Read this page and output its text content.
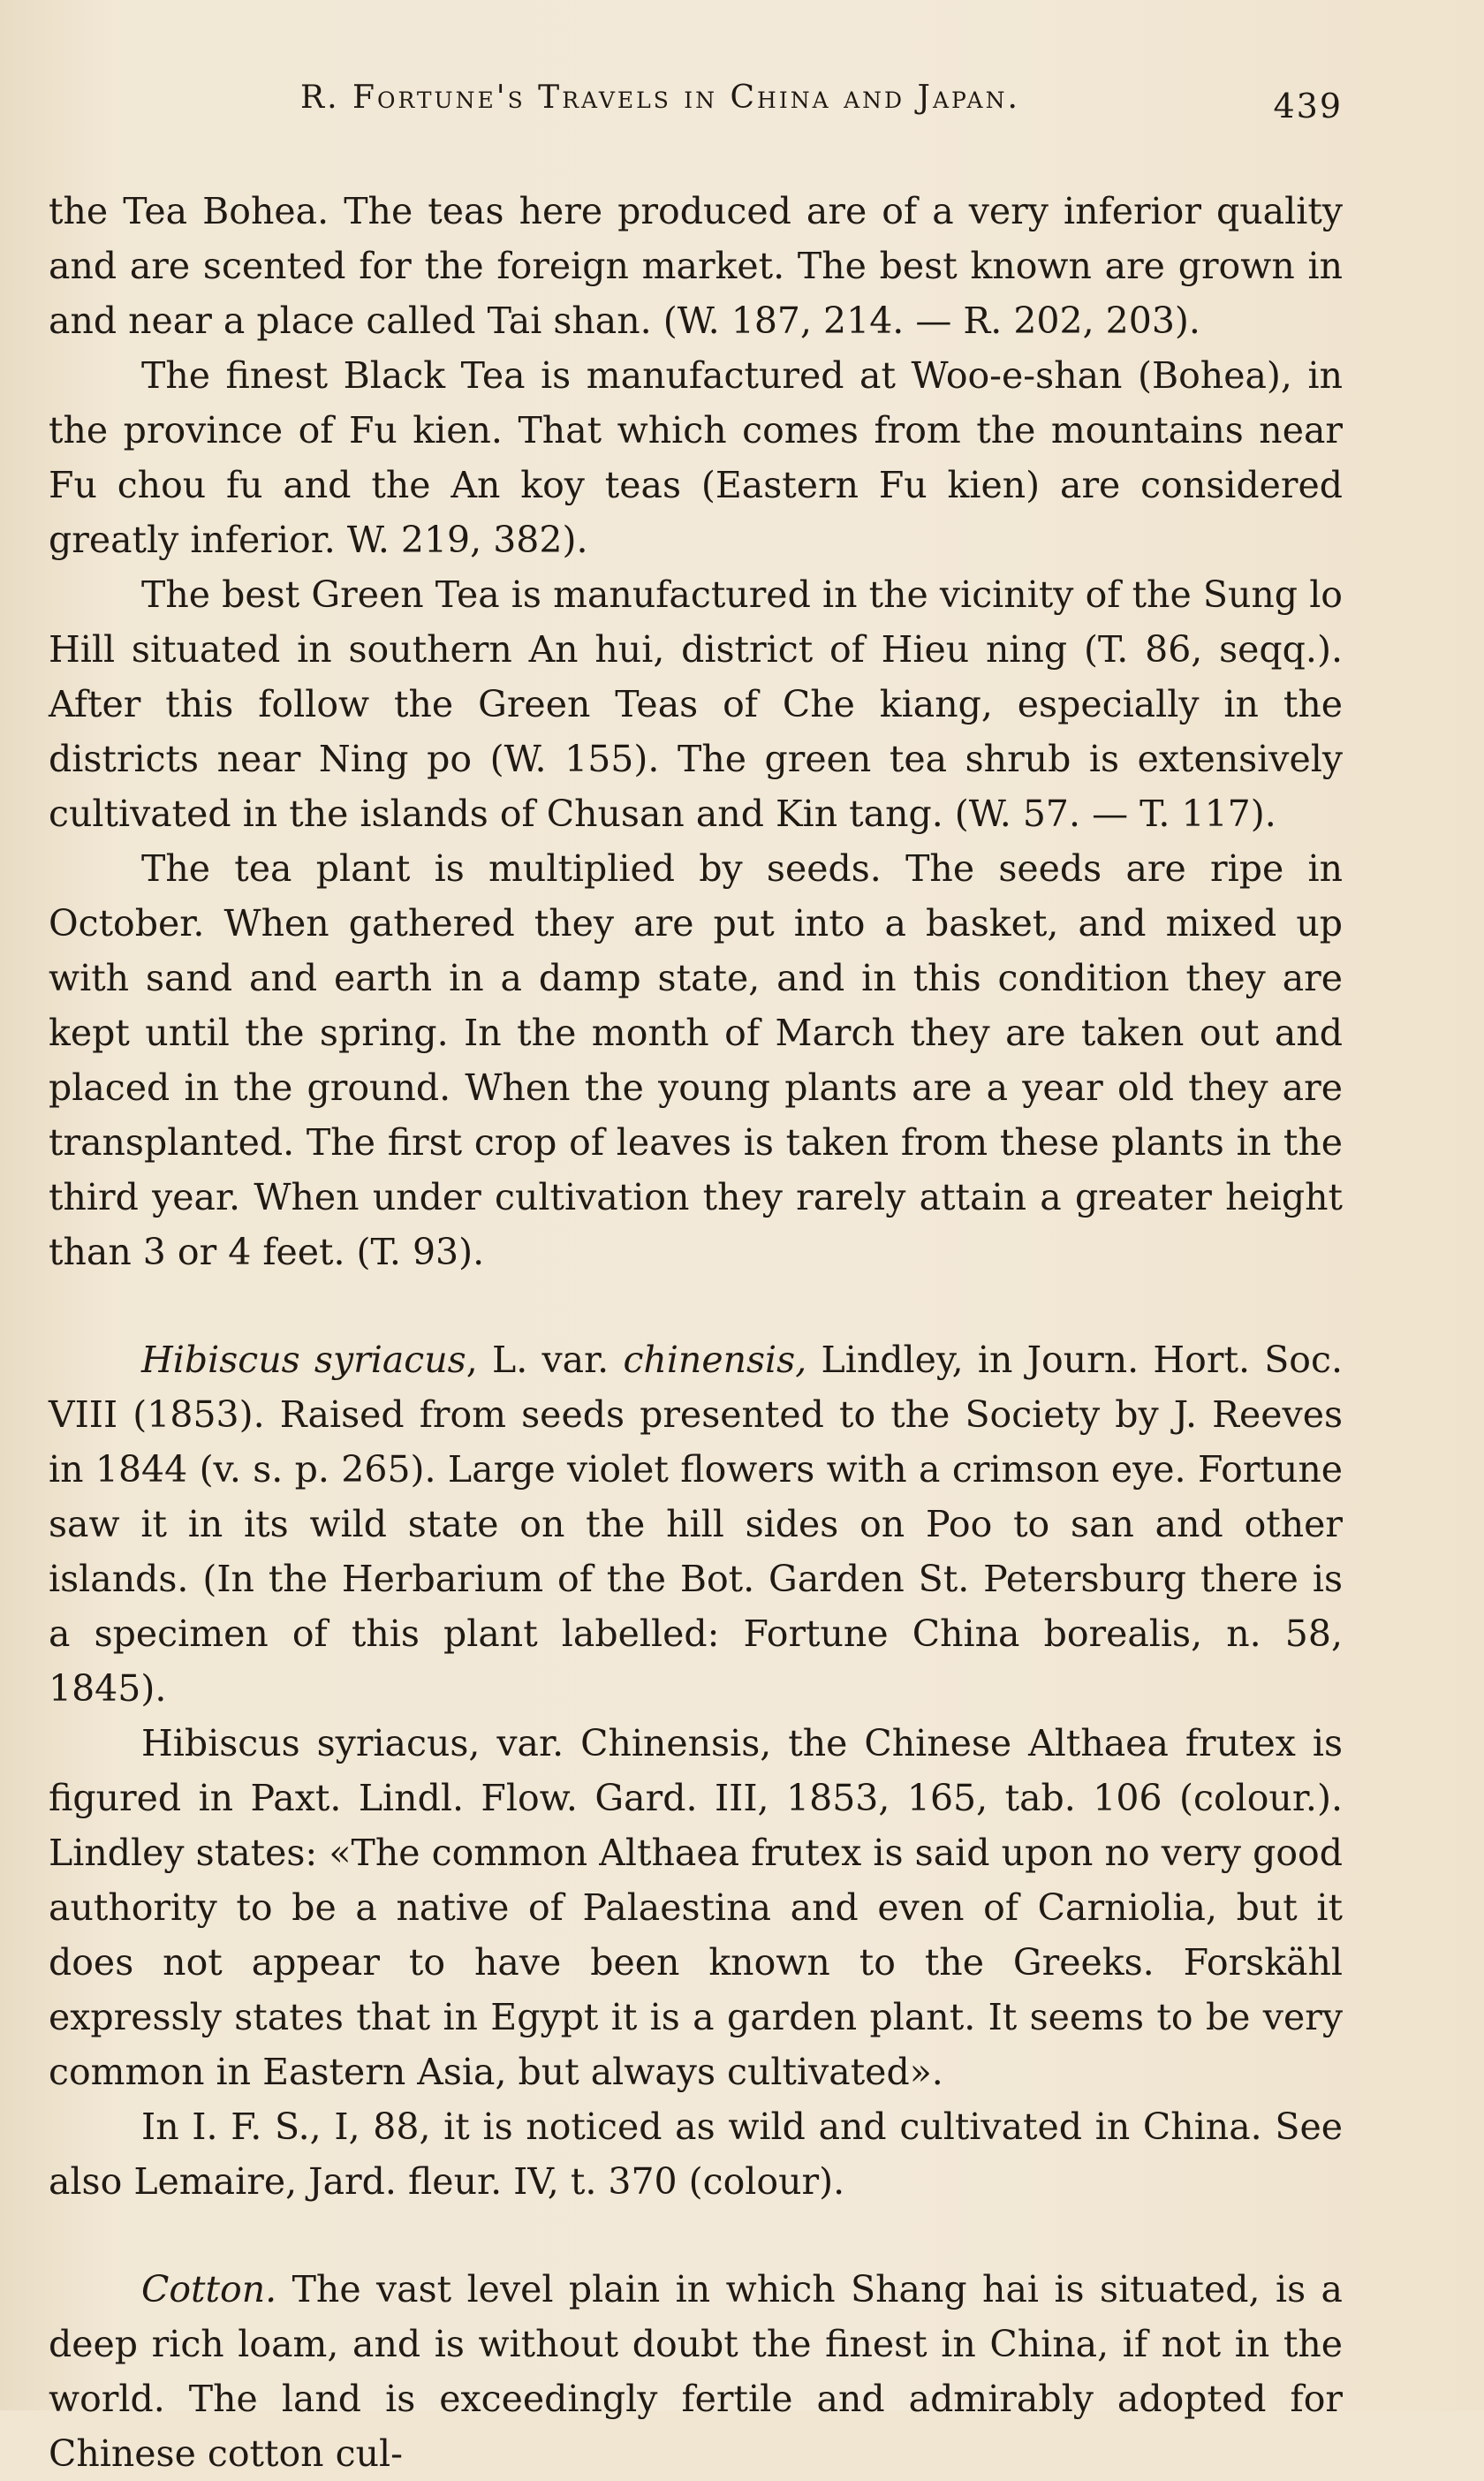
R. Fortune's Travels in China and Japan.	439

the Tea Bohea. The teas here produced are of a very inferior quality and are scented for the foreign market. The best known are grown in and near a place called Tai shan. (W. 187, 214. — R. 202, 203).

The finest Black Tea is manufactured at Woo-e-shan (Bohea), in the province of Fu kien. That which comes from the mountains near Fu chou fu and the An koy teas (Eastern Fu kien) are considered greatly inferior. W. 219, 382).

The best Green Tea is manufactured in the vicinity of the Sung lo Hill situated in southern An hui, district of Hieu ning (T. 86, seqq.). After this follow the Green Teas of Che kiang, especially in the districts near Ning po (W. 155). The green tea shrub is extensively cultivated in the islands of Chusan and Kin tang. (W. 57. — T. 117).

The tea plant is multiplied by seeds. The seeds are ripe in October. When gathered they are put into a basket, and mixed up with sand and earth in a damp state, and in this condition they are kept until the spring. In the month of March they are taken out and placed in the ground. When the young plants are a year old they are transplanted. The first crop of leaves is taken from these plants in the third year. When under cultivation they rarely attain a greater height than 3 or 4 feet. (T. 93).

Hibiscus syriacus, L. var. chinensis, Lindley, in Journ. Hort. Soc. VIII (1853). Raised from seeds presented to the Society by J. Reeves in 1844 (v. s. p. 265). Large violet flowers with a crimson eye. Fortune saw it in its wild state on the hill sides on Poo to san and other islands. (In the Herbarium of the Bot. Garden St. Petersburg there is a specimen of this plant labelled: Fortune China borealis, n. 58, 1845).

Hibiscus syriacus, var. Chinensis, the Chinese Althaea frutex is figured in Paxt. Lindl. Flow. Gard. III, 1853, 165, tab. 106 (colour.). Lindley states: «The common Althaea frutex is said upon no very good authority to be a native of Palaestina and even of Carniolia, but it does not appear to have been known to the Greeks. Forskähl expressly states that in Egypt it is a garden plant. It seems to be very common in Eastern Asia, but always cultivated».

In I. F. S., I, 88, it is noticed as wild and cultivated in China. See also Lemaire, Jard. fleur. IV, t. 370 (colour).

Cotton. The vast level plain in which Shang hai is situated, is a deep rich loam, and is without doubt the finest in China, if not in the world. The land is exceedingly fertile and admirably adopted for Chinese cotton cul-
